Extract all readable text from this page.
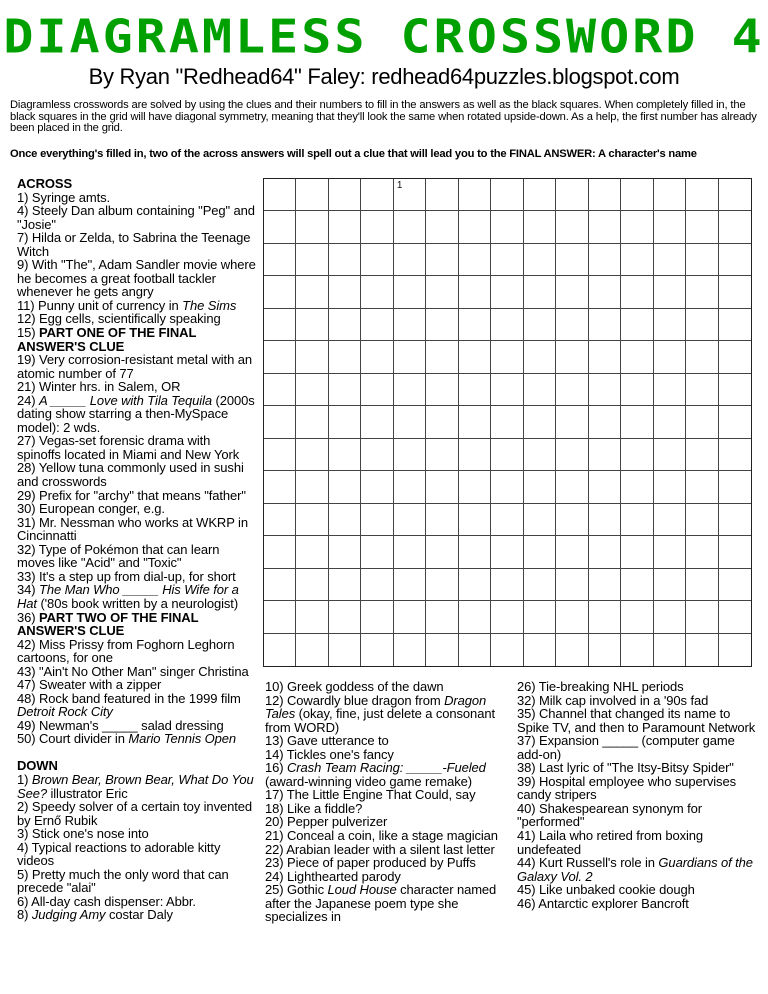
DIAGRAMLESS CROSSWORD 4
By Ryan "Redhead64" Faley: redhead64puzzles.blogspot.com
Diagramless crosswords are solved by using the clues and their numbers to fill in the answers as well as the black squares. When completely filled in, the black squares in the grid will have diagonal symmetry, meaning that they'll look the same when rotated upside-down. As a help, the first number has already been placed in the grid.
Once everything's filled in, two of the across answers will spell out a clue that will lead you to the FINAL ANSWER: A character's name
ACROSS
1) Syringe amts.
4) Steely Dan album containing "Peg" and "Josie"
7) Hilda or Zelda, to Sabrina the Teenage Witch
9) With "The", Adam Sandler movie where he becomes a great football tackler whenever he gets angry
11) Punny unit of currency in The Sims
12) Egg cells, scientifically speaking
15) PART ONE OF THE FINAL ANSWER'S CLUE
19) Very corrosion-resistant metal with an atomic number of 77
21) Winter hrs. in Salem, OR
24) A _____ Love with Tila Tequila (2000s dating show starring a then-MySpace model): 2 wds.
27) Vegas-set forensic drama with spinoffs located in Miami and New York
28) Yellow tuna commonly used in sushi and crosswords
29) Prefix for "archy" that means "father"
30) European conger, e.g.
31) Mr. Nessman who works at WKRP in Cincinnatti
32) Type of Pokémon that can learn moves like "Acid" and "Toxic"
33) It's a step up from dial-up, for short
34) The Man Who _____ His Wife for a Hat ('80s book written by a neurologist)
36) PART TWO OF THE FINAL ANSWER'S CLUE
42) Miss Prissy from Foghorn Leghorn cartoons, for one
43) "Ain't No Other Man" singer Christina
47) Sweater with a zipper
48) Rock band featured in the 1999 film Detroit Rock City
49) Newman's _____ salad dressing
50) Court divider in Mario Tennis Open
DOWN
1) Brown Bear, Brown Bear, What Do You See? illustrator Eric
2) Speedy solver of a certain toy invented by Ernő Rubik
3) Stick one's nose into
4) Typical reactions to adorable kitty videos
5) Pretty much the only word that can precede "alai"
6) All-day cash dispenser: Abbr.
8) Judging Amy costar Daly
1
10) Greek goddess of the dawn
12) Cowardly blue dragon from Dragon Tales (okay, fine, just delete a consonant from WORD)
13) Gave utterance to
14) Tickles one's fancy
16) Crash Team Racing: _____-Fueled (award-winning video game remake)
17) The Little Engine That Could, say
18) Like a fiddle?
20) Pepper pulverizer
21) Conceal a coin, like a stage magician
22) Arabian leader with a silent last letter
23) Piece of paper produced by Puffs
24) Lighthearted parody
25) Gothic Loud House character named after the Japanese poem type she specializes in
26) Tie-breaking NHL periods
32) Milk cap involved in a '90s fad
35) Channel that changed its name to Spike TV, and then to Paramount Network
37) Expansion _____ (computer game add-on)
38) Last lyric of "The Itsy-Bitsy Spider"
39) Hospital employee who supervises candy stripers
40) Shakespearean synonym for "performed"
41) Laila who retired from boxing undefeated
44) Kurt Russell's role in Guardians of the Galaxy Vol. 2
45) Like unbaked cookie dough
46) Antarctic explorer Bancroft
